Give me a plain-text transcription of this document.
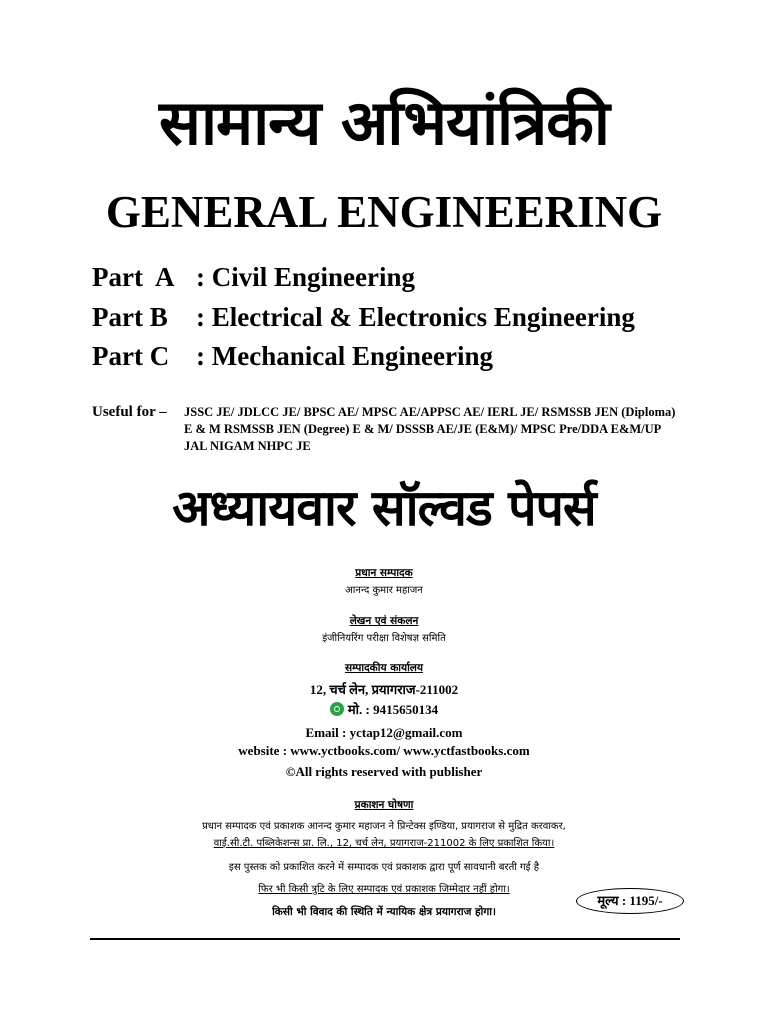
सामान्य अभियांत्रिकी
GENERAL ENGINEERING
Part  A : Civil Engineering
Part B	: Electrical & Electronics Engineering
Part C : Mechanical Engineering
Useful for –	JSSC JE/ JDLCC JE/ BPSC AE/ MPSC AE/APPSC AE/ IERL JE/ RSMSSB JEN (Diploma) E & M RSMSSB JEN (Degree) E & M/ DSSSB AE/JE (E&M)/ MPSC Pre/DDA E&M/UP JAL NIGAM NHPC JE
अध्यायवार सॉल्वड पेपर्स
प्रधान सम्पादक
आनन्द कुमार महाजन
लेखन एवं संकलन
इंजीनियरिंग परीक्षा विशेषज्ञ समिति
सम्पादकीय कार्यालय
12, चर्च लेन, प्रयागराज-211002
मो. : 9415650134
Email : yctap12@gmail.com
website : www.yctbooks.com/ www.yctfastbooks.com
©All rights reserved with publisher
प्रकाशन घोषणा
प्रधान सम्पादक एवं प्रकाशक आनन्द कुमार महाजन ने प्रिन्टेक्स इण्डिया, प्रयागराज से मुद्रित करवाकर,
वाई.सी.टी. पब्लिकेशन्स प्रा. लि., 12, चर्च लेन, प्रयागराज-211002 के लिए प्रकाशित किया।
इस पुस्तक को प्रकाशित करने में सम्पादक एवं प्रकाशक द्वारा पूर्ण सावधानी बरती गई है
फिर भी किसी त्रुटि के लिए सम्पादक एवं प्रकाशक जिम्मेदार नहीं होगा।
किसी भी विवाद की स्थिति में न्यायिक क्षेत्र प्रयागराज होगा।
मूल्य : 1195/-
